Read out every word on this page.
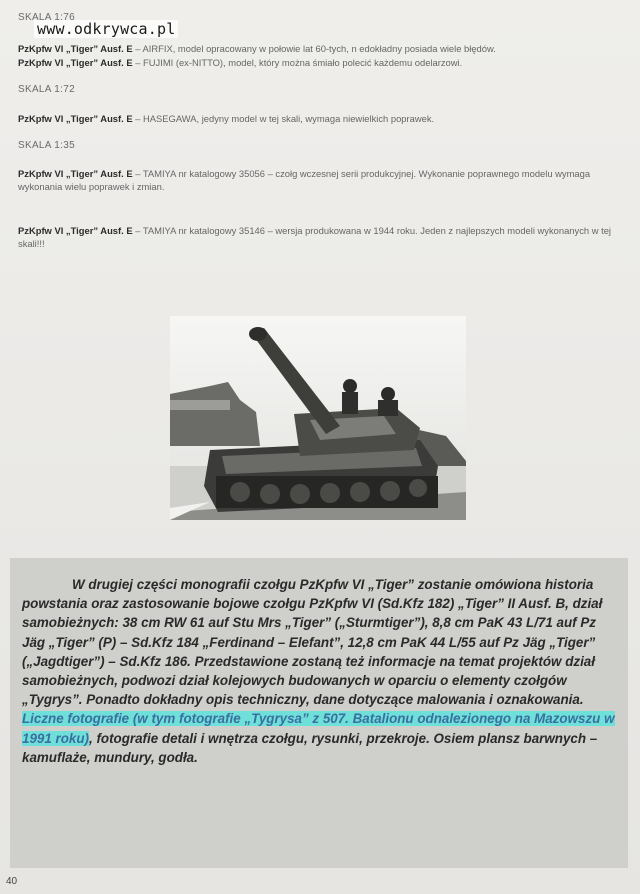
www.odkrywca.pl
SKALA 1:76
PzKpfw VI „Tiger” Ausf. E – AIRFIX, model opracowany w połowie lat 60-tych, n edokładny posiada wiele błędów.
PzKpfw VI „Tiger” Ausf. E – FUJIMI (ex-NITTO), model, który można śmiało polecić każdemu odelarzowi.
SKALA 1:72
PzKpfw VI „Tiger” Ausf. E – HASEGAWA, jedyny model w tej skali, wymaga niewielkich poprawek.
SKALA 1:35
PzKpfw VI „Tiger” Ausf. E – TAMIYA nr katalogowy 35056 – czołg wczesnej serii produkcyjnej. Wykonanie poprawnego modelu wymaga wykonania wielu poprawek i zmian.
PzKpfw VI „Tiger” Ausf. E – TAMIYA nr katalogowy 35146 – wersja produkowana w 1944 roku. Jeden z najlepszych modeli wykonanych w tej skali!!!
W drugiej części monografii czołgu PzKpfw VI „Tiger” zostanie omówiona historia powstania oraz zastosowanie bojowe czołgu PzKpfw VI (Sd.Kfz 182) „Tiger” II Ausf. B, dział samobieżnych: 38 cm RW 61 auf Stu Mrs „Tiger” („Sturmtiger”), 8,8 cm PaK 43 L/71 auf Pz Jäg „Tiger” (P) – Sd.Kfz 184 „Ferdinand – Elefant”, 12,8 cm PaK 44 L/55 auf Pz Jäg „Tiger” („Jagdtiger”) – Sd.Kfz 186. Przedstawione zostaną też informacje na temat projektów dział samobieżnych, podwozi dział kolejowych budowanych w oparciu o elementy czołgów „Tygrys”. Ponadto dokładny opis techniczny, dane dotyczące malowania i oznakowania. Liczne fotografie (w tym fotografie „Tygrysa” z 507. Batalionu odnalezionego na Mazowszu w 1991 roku), fotografie detali i wnętrza czołgu, rysunki, przekroje. Osiem plansz barwnych – kamuflaże, mundury, godła.
40
